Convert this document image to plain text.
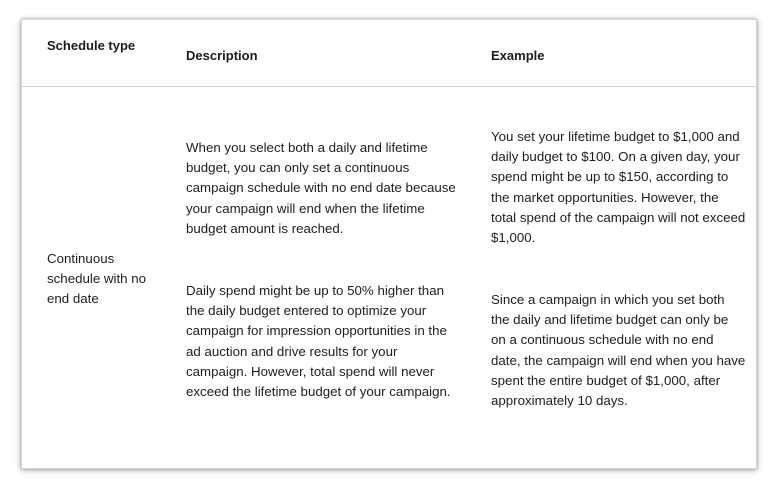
Schedule type
Description	Example
Continuous schedule with no end date
When you select both a daily and lifetime budget, you can only set a continuous campaign schedule with no end date because your campaign will end when the lifetime budget amount is reached.
Daily spend might be up to 50% higher than the daily budget entered to optimize your campaign for impression opportunities in the ad auction and drive results for your campaign. However, total spend will never exceed the lifetime budget of your campaign.
You set your lifetime budget to $1,000 and daily budget to $100. On a given day, your spend might be up to $150, according to the market opportunities. However, the total spend of the campaign will not exceed $1,000.
Since a campaign in which you set both the daily and lifetime budget can only be on a continuous schedule with no end date, the campaign will end when you have spent the entire budget of $1,000, after approximately 10 days.
